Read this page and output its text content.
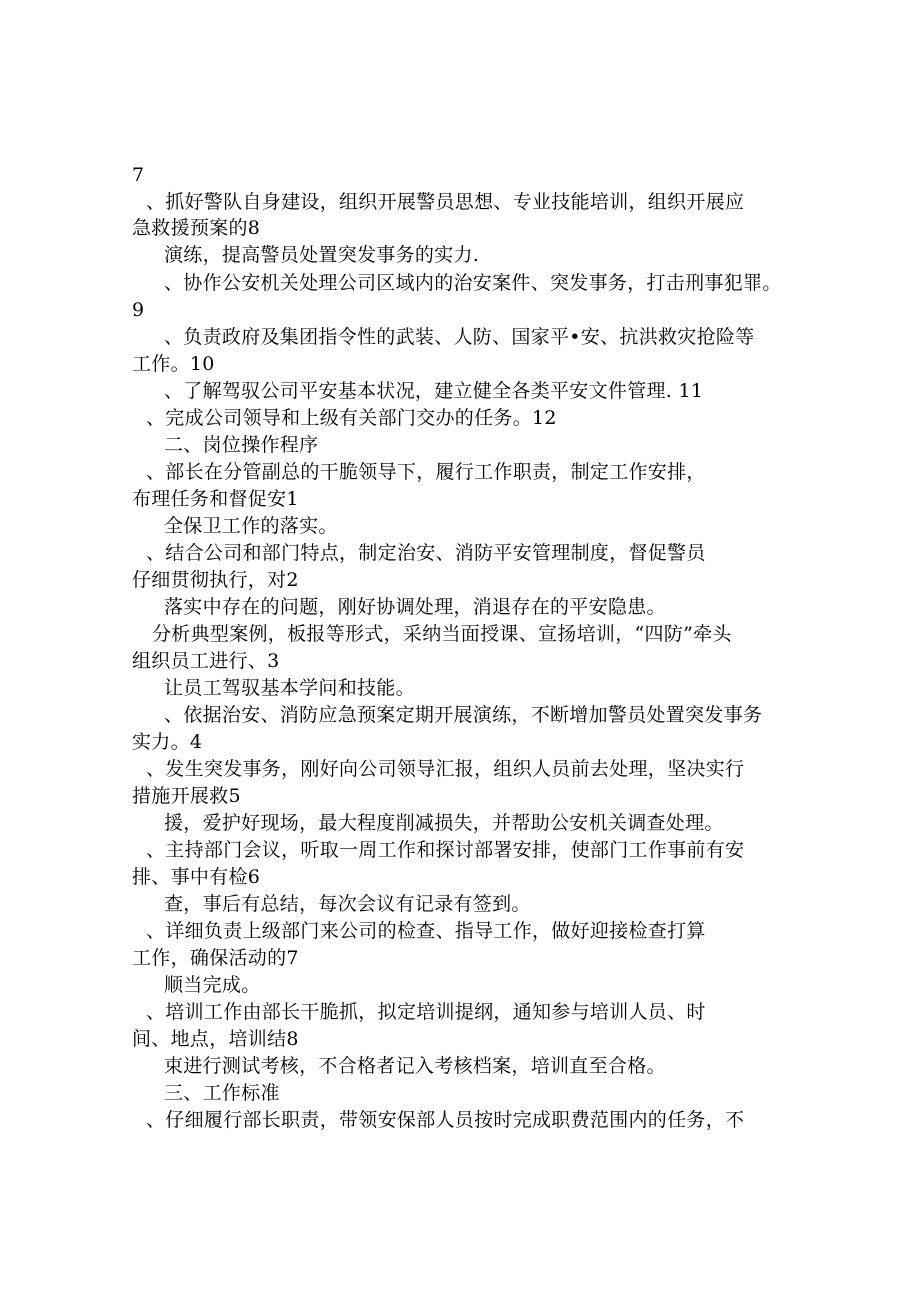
7
、抓好警队自身建设，组织开展警员思想、专业技能培训，组织开展应
急救援预案的8
演练，提高警员处置突发事务的实力.
、协作公安机关处理公司区域内的治安案件、突发事务，打击刑事犯罪。
9
、负责政府及集团指令性的武装、人防、国家平•安、抗洪救灾抢险等
工作。10
、了解驾驭公司平安基本状况，建立健全各类平安文件管理. 11
、完成公司领导和上级有关部门交办的任务。12
二、岗位操作程序
、部长在分管副总的干脆领导下，履行工作职责，制定工作安排，
布理任务和督促安1
全保卫工作的落实。
、结合公司和部门特点，制定治安、消防平安管理制度，督促警员
仔细贯彻执行，对2
落实中存在的问题，刚好协调处理，消退存在的平安隐患。
分析典型案例，板报等形式，采纳当面授课、宣扬培训，“四防”牵头
组织员工进行、3
让员工驾驭基本学问和技能。
、依据治安、消防应急预案定期开展演练，不断增加警员处置突发事务
实力。4
、发生突发事务，刚好向公司领导汇报，组织人员前去处理，坚决实行
措施开展救5
援，爱护好现场，最大程度削减损失，并帮助公安机关调查处理。
、主持部门会议，听取一周工作和探讨部署安排，使部门工作事前有安
排、事中有检6
查，事后有总结，每次会议有记录有签到。
、详细负责上级部门来公司的检查、指导工作，做好迎接检查打算
工作，确保活动的7
顺当完成。
、培训工作由部长干脆抓，拟定培训提纲，通知参与培训人员、时
间、地点，培训结8
束进行测试考核，不合格者记入考核档案，培训直至合格。
三、工作标准
、仔细履行部长职责，带领安保部人员按时完成职费范围内的任务，不
